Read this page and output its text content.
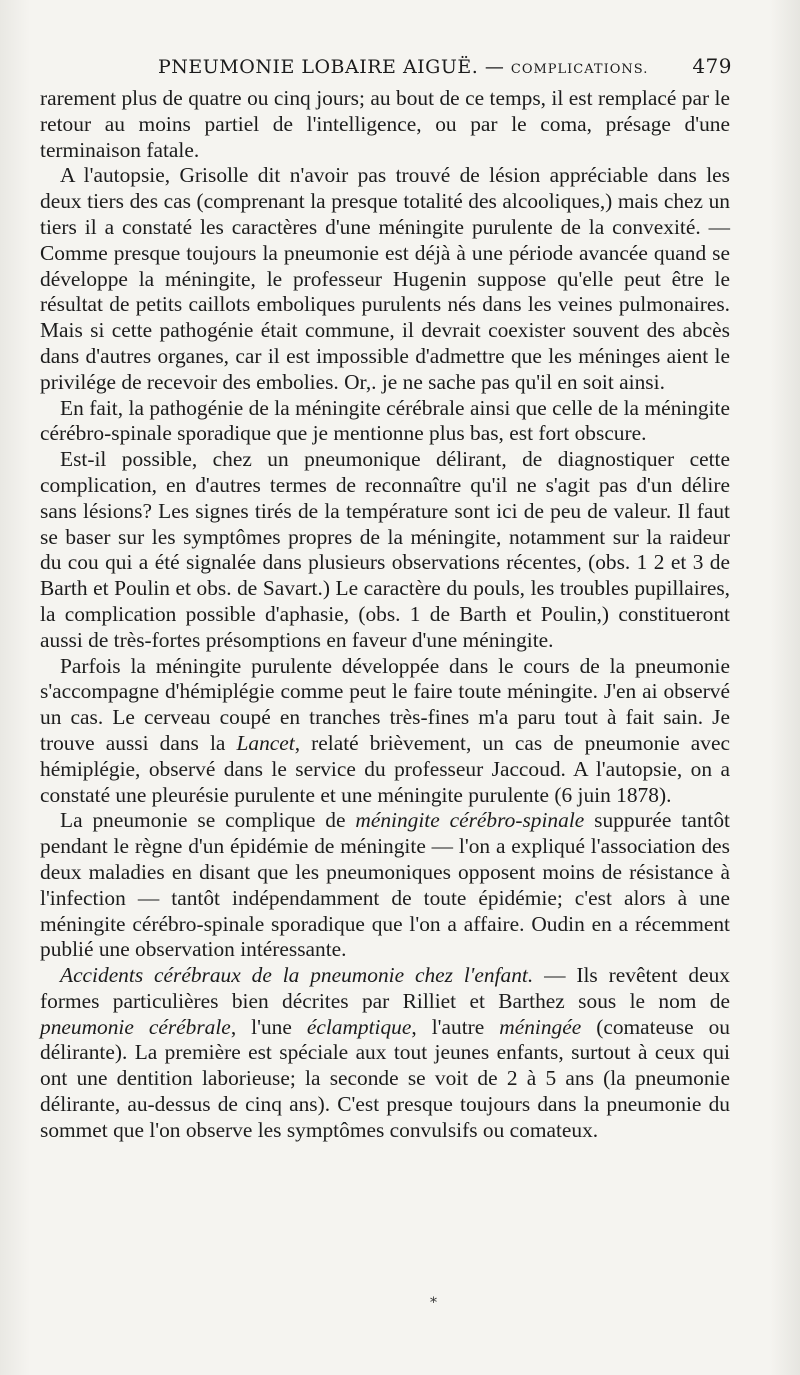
PNEUMONIE LOBAIRE AIGUË. — COMPLICATIONS. 479

rarement plus de quatre ou cinq jours; au bout de ce temps, il est remplacé par le retour au moins partiel de l'intelligence, ou par le coma, présage d'une terminaison fatale.

A l'autopsie, Grisolle dit n'avoir pas trouvé de lésion appréciable dans les deux tiers des cas (comprenant la presque totalité des alcooliques,) mais chez un tiers il a constaté les caractères d'une méningite purulente de la convexité. — Comme presque toujours la pneumonie est déjà à une période avancée quand se développe la méningite, le professeur Hugenin suppose qu'elle peut être le résultat de petits caillots emboliques purulents nés dans les veines pulmonaires. Mais si cette pathogénie était commune, il devrait coexister souvent des abcès dans d'autres organes, car il est impossible d'admettre que les méninges aient le privilége de recevoir des embolies. Or,. je ne sache pas qu'il en soit ainsi.

En fait, la pathogénie de la méningite cérébrale ainsi que celle de la méningite cérébro-spinale sporadique que je mentionne plus bas, est fort obscure.

Est-il possible, chez un pneumonique délirant, de diagnostiquer cette complication, en d'autres termes de reconnaître qu'il ne s'agit pas d'un délire sans lésions? Les signes tirés de la température sont ici de peu de valeur. Il faut se baser sur les symptômes propres de la méningite, notamment sur la raideur du cou qui a été signalée dans plusieurs observations récentes, (obs. 1 2 et 3 de Barth et Poulin et obs. de Savart.) Le caractère du pouls, les troubles pupillaires, la complication possible d'aphasie, (obs. 1 de Barth et Poulin,) constitueront aussi de très-fortes présomptions en faveur d'une méningite.

Parfois la méningite purulente développée dans le cours de la pneumonie s'accompagne d'hémiplégie comme peut le faire toute méningite. J'en ai observé un cas. Le cerveau coupé en tranches très-fines m'a paru tout à fait sain. Je trouve aussi dans la Lancet, relaté brièvement, un cas de pneumonie avec hémiplégie, observé dans le service du professeur Jaccoud. A l'autopsie, on a constaté une pleurésie purulente et une méningite purulente (6 juin 1878).

La pneumonie se complique de méningite cérébro-spinale suppurée tantôt pendant le règne d'un épidémie de méningite — l'on a expliqué l'association des deux maladies en disant que les pneumoniques opposent moins de résistance à l'infection — tantôt indépendamment de toute épidémie; c'est alors à une méningite cérébro-spinale sporadique que l'on a affaire. Oudin en a récemment publié une observation intéressante.

Accidents cérébraux de la pneumonie chez l'enfant. — Ils revêtent deux formes particulières bien décrites par Rilliet et Barthez sous le nom de pneumonie cérébrale, l'une éclamptique, l'autre méningée (comateuse ou délirante). La première est spéciale aux tout jeunes enfants, surtout à ceux qui ont une dentition laborieuse; la seconde se voit de 2 à 5 ans (la pneumonie délirante, au-dessus de cinq ans). C'est presque toujours dans la pneumonie du sommet que l'on observe les symptômes convulsifs ou comateux.

*
